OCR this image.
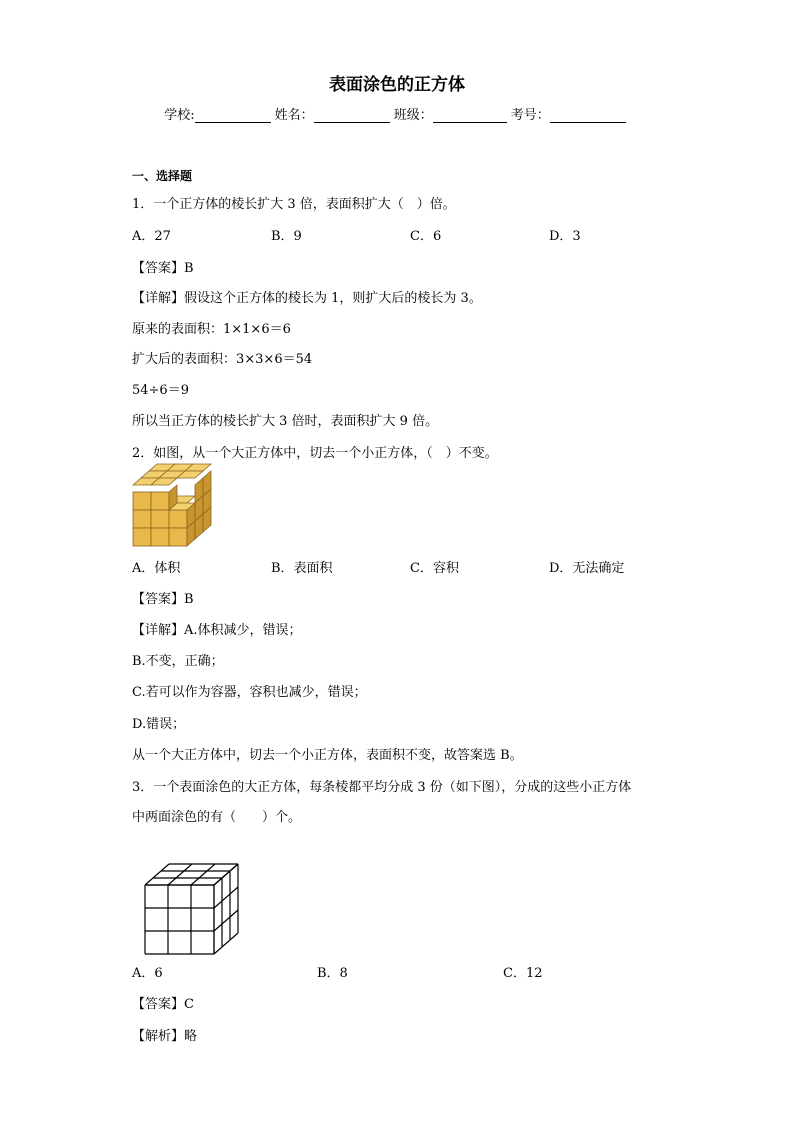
表面涂色的正方体
学校:	姓名：	班级：	考号：
一、选择题
1．一个正方体的棱长扩大 3 倍，表面积扩大（　）倍。
A．27	B．9	C．6	D．3
【答案】B
【详解】假设这个正方体的棱长为 1，则扩大后的棱长为 3。
原来的表面积：1×1×6＝6
扩大后的表面积：3×3×6＝54
54÷6＝9
所以当正方体的棱长扩大 3 倍时，表面积扩大 9 倍。
2．如图，从一个大正方体中，切去一个小正方体，（　）不变。
A．体积	B．表面积	C．容积	D．无法确定
【答案】B
【详解】A.体积减少，错误；
B.不变，正确；
C.若可以作为容器，容积也减少，错误；
D.错误；
从一个大正方体中，切去一个小正方体，表面积不变，故答案选 B。
3．一个表面涂色的大正方体，每条棱都平均分成 3 份（如下图），分成的这些小正方体
中两面涂色的有（　　）个。
A．6	B．8	C．12
【答案】C
【解析】略
